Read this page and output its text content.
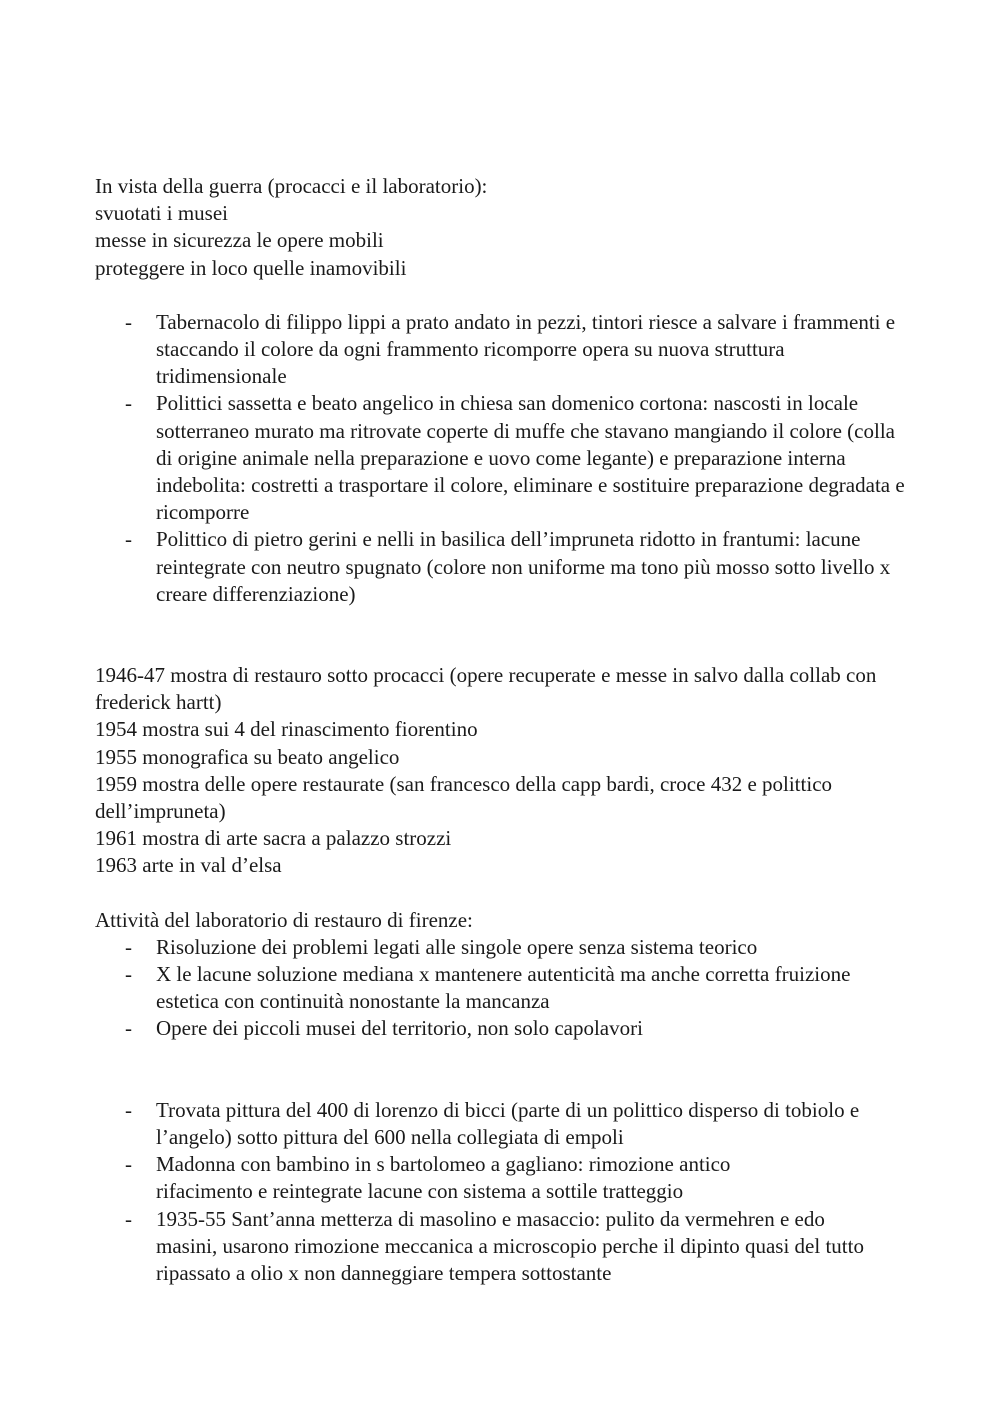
In vista della guerra (procacci e il laboratorio):

svuotati i musei

messe in sicurezza le opere mobili

proteggere in loco quelle inamovibili

- Tabernacolo di filippo lippi a prato andato in pezzi, tintori riesce a salvare i frammenti e staccando il colore da ogni frammento ricomporre opera su nuova struttura tridimensionale
- Polittici sassetta e beato angelico in chiesa san domenico cortona: nascosti in locale sotterraneo murato ma ritrovate coperte di muffe che stavano mangiando il colore (colla di origine animale nella preparazione e uovo come legante) e preparazione interna indebolita: costretti a trasportare il colore, eliminare e sostituire preparazione degradata e ricomporre
- Polittico di pietro gerini e nelli in basilica dell’impruneta ridotto in frantumi: lacune reintegrate con neutro spugnato (colore non uniforme ma tono più mosso sotto livello x creare differenziazione)

1946-47 mostra di restauro sotto procacci (opere recuperate e messe in salvo dalla collab con frederick hartt)

1954 mostra sui 4 del rinascimento fiorentino

1955 monografica su beato angelico

1959 mostra delle opere restaurate (san francesco della capp bardi, croce 432 e polittico dell’impruneta)

1961 mostra di arte sacra a palazzo strozzi

1963 arte in val d’elsa

Attività del laboratorio di restauro di firenze:

- Risoluzione dei problemi legati alle singole opere senza sistema teorico
- X le lacune soluzione mediana x mantenere autenticità ma anche corretta fruizione estetica con continuità nonostante la mancanza
- Opere dei piccoli musei del territorio, non solo capolavori
- Trovata pittura del 400 di lorenzo di bicci (parte di un polittico disperso di tobiolo e l’angelo) sotto pittura del 600 nella collegiata di empoli
- Madonna con bambino in s bartolomeo a gagliano: rimozione antico rifacimento e reintegrate lacune con sistema a sottile tratteggio
- 1935-55 Sant’anna metterza di masolino e masaccio: pulito da vermehren e edo masini, usarono rimozione meccanica a microscopio perche il dipinto quasi del tutto ripassato a olio x non danneggiare tempera sottostante
